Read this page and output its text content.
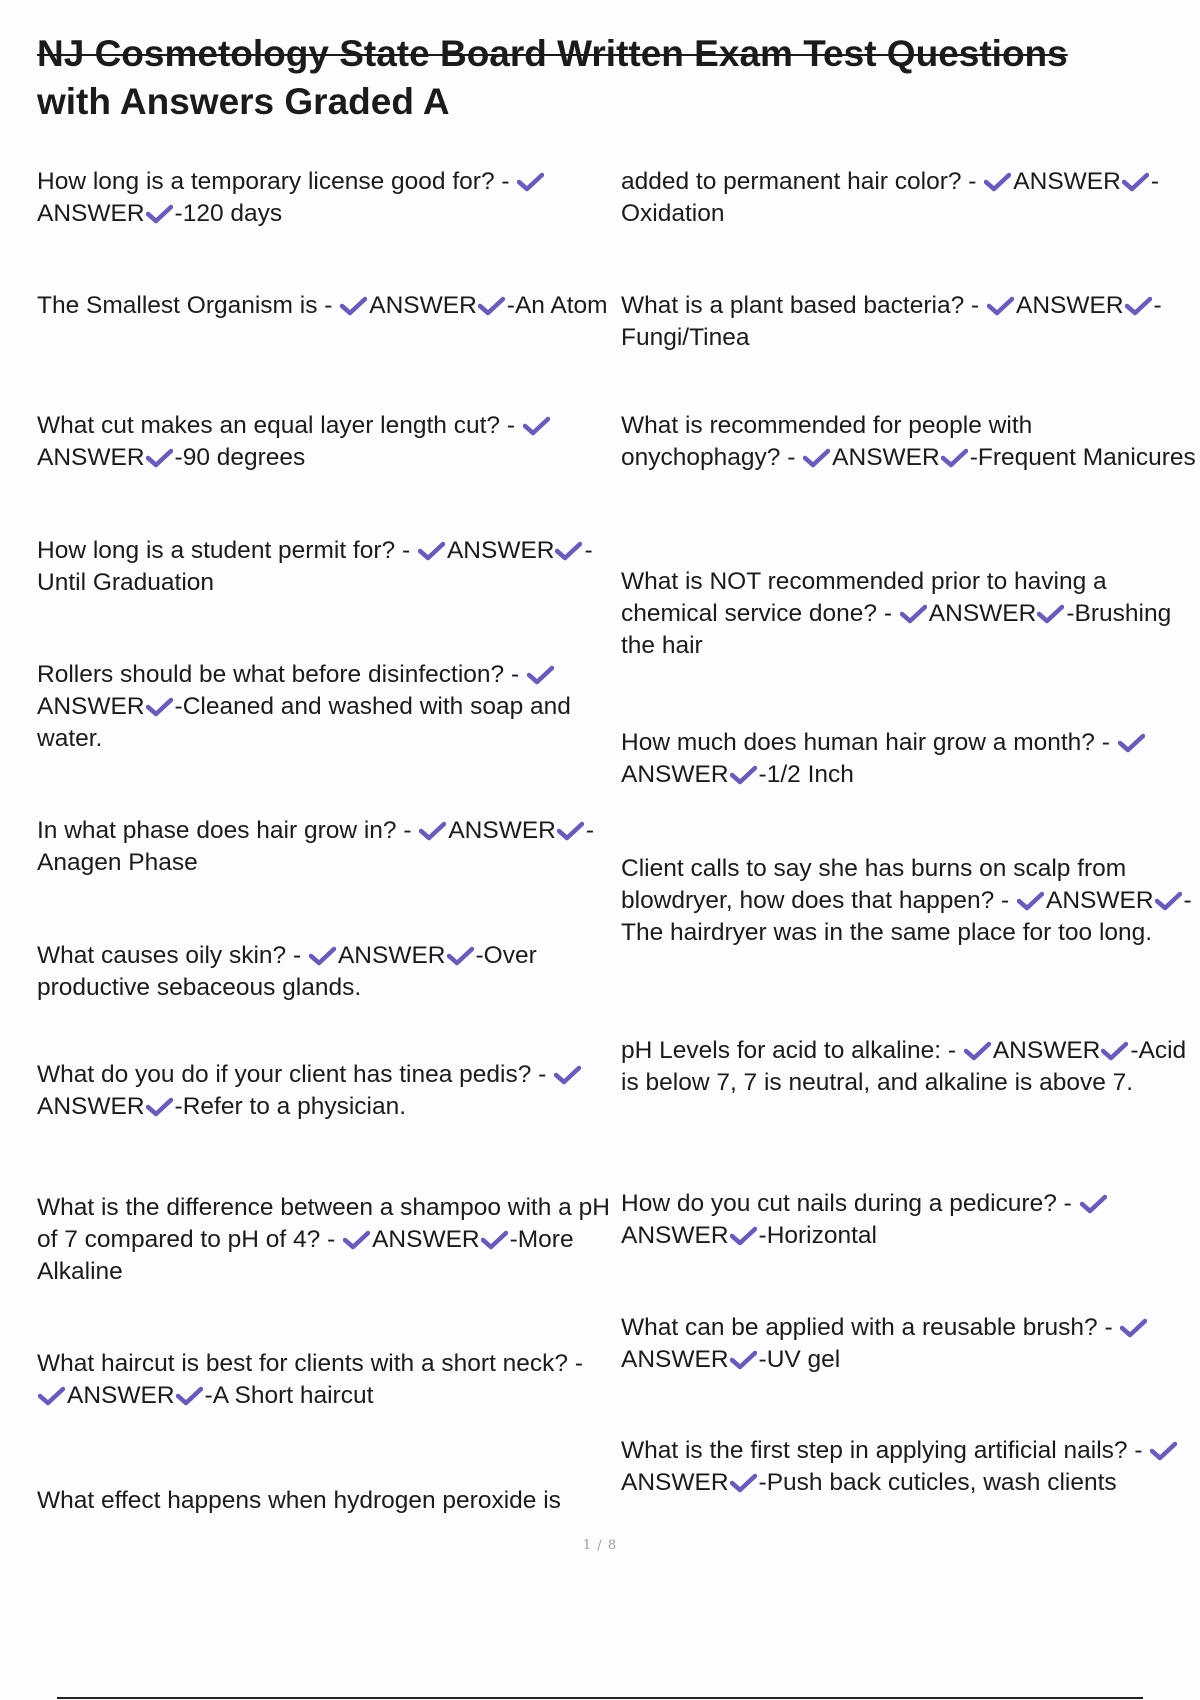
NJ Cosmetology State Board Written Exam Test Questions
with Answers Graded A

How long is a temporary license good for? -
ANSWER -120 days

The Smallest Organism is - ANSWER -An Atom

What cut makes an equal layer length cut? -
ANSWER -90 degrees

How long is a student permit for? - ANSWER -Until Graduation

Rollers should be what before disinfection? -
ANSWER -Cleaned and washed with soap and water.

In what phase does hair grow in? - ANSWER -Anagen Phase

What causes oily skin? - ANSWER -Over productive sebaceous glands.

What do you do if your client has tinea pedis? -
ANSWER -Refer to a physician.

What is the difference between a shampoo with a pH of 7 compared to pH of 4? - ANSWER -More Alkaline

What haircut is best for clients with a short neck? -
ANSWER -A Short haircut

What effect happens when hydrogen peroxide is

added to permanent hair color? - ANSWER -Oxidation

What is a plant based bacteria? - ANSWER -Fungi/Tinea

What is recommended for people with onychophagy? - ANSWER -Frequent Manicures

What is NOT recommended prior to having a chemical service done? - ANSWER -Brushing the hair

How much does human hair grow a month? -
ANSWER -1/2 Inch

Client calls to say she has burns on scalp from blowdryer, how does that happen? - ANSWER -The hairdryer was in the same place for too long.

pH Levels for acid to alkaline: - ANSWER -Acid is below 7, 7 is neutral, and alkaline is above 7.

How do you cut nails during a pedicure? -
ANSWER -Horizontal

What can be applied with a reusable brush? -
ANSWER -UV gel

What is the first step in applying artificial nails? -
ANSWER -Push back cuticles, wash clients

1 / 8
